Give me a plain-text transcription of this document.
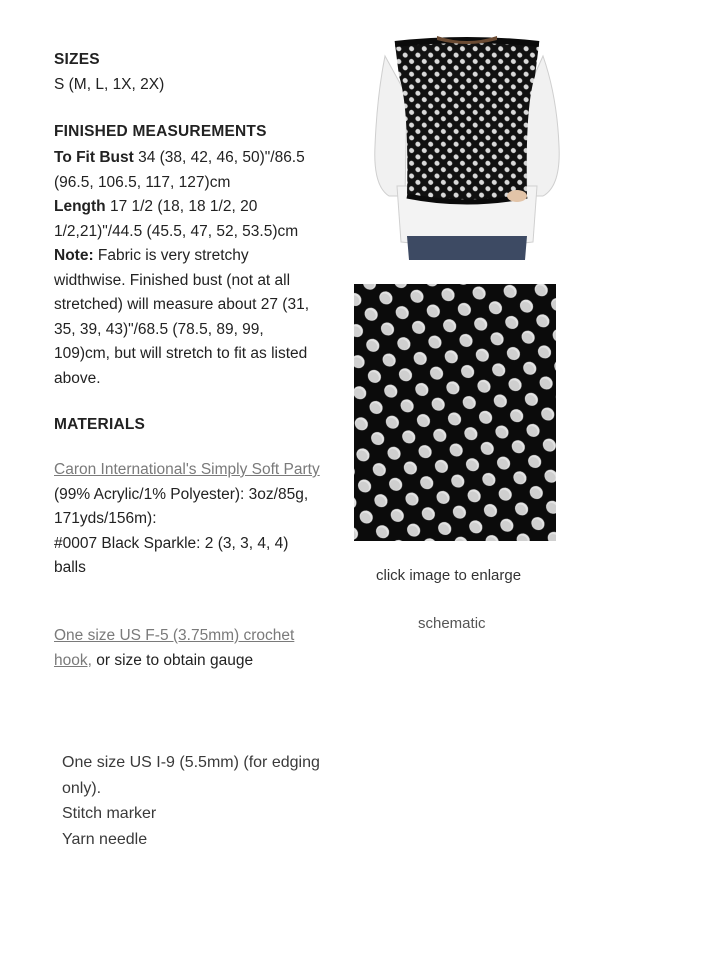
SIZES
S (M, L, 1X, 2X)
FINISHED MEASUREMENTS
To Fit Bust 34 (38, 42, 46, 50)"/86.5
(96.5, 106.5, 117, 127)cm
Length 17 1/2 (18, 18 1/2, 20
1/2,21)"/44.5 (45.5, 47, 52, 53.5)cm
Note: Fabric is very stretchy
widthwise. Finished bust (not at all
stretched) will measure about 27 (31,
35, 39, 43)"/68.5 (78.5, 89, 99,
109)cm, but will stretch to fit as listed
above.
MATERIALS
Caron International's Simply Soft Party
(99% Acrylic/1% Polyester): 3oz/85g,
171yds/156m):
#0007 Black Sparkle: 2 (3, 3, 4, 4)
balls
One size US F-5 (3.75mm) crochet
hook, or size to obtain gauge
One size US I-9 (5.5mm) (for edging
only).
Stitch marker
Yarn needle
click image to enlarge
schematic
